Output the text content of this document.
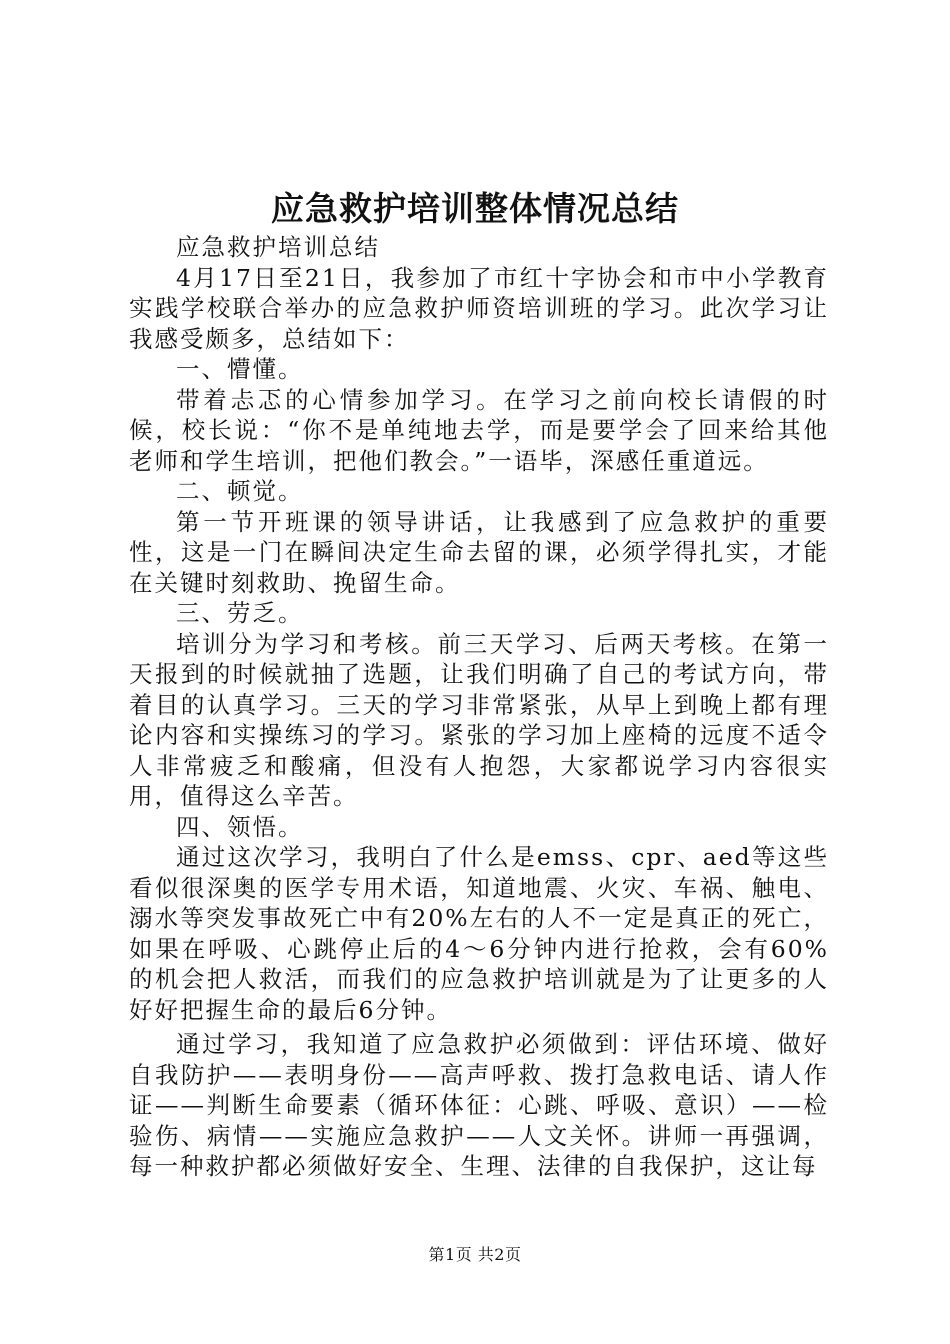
应急救护培训整体情况总结

应急救护培训总结

4月17日至21日，我参加了市红十字协会和市中小学教育实践学校联合举办的应急救护师资培训班的学习。此次学习让我感受颇多，总结如下：

一、懵懂。

带着忐忑的心情参加学习。在学习之前向校长请假的时候，校长说：“你不是单纯地去学，而是要学会了回来给其他老师和学生培训，把他们教会。”一语毕，深感任重道远。

二、顿觉。

第一节开班课的领导讲话，让我感到了应急救护的重要性，这是一门在瞬间决定生命去留的课，必须学得扎实，才能在关键时刻救助、挽留生命。

三、劳乏。

培训分为学习和考核。前三天学习、后两天考核。在第一天报到的时候就抽了选题，让我们明确了自己的考试方向，带着目的认真学习。三天的学习非常紧张，从早上到晚上都有理论内容和实操练习的学习。紧张的学习加上座椅的远度不适令人非常疲乏和酸痛，但没有人抱怨，大家都说学习内容很实用，值得这么辛苦。

四、领悟。

通过这次学习，我明白了什么是emss、cpr、aed等这些看似很深奥的医学专用术语，知道地震、火灾、车祸、触电、溺水等突发事故死亡中有20%左右的人不一定是真正的死亡，如果在呼吸、心跳停止后的4～6分钟内进行抢救，会有60%的机会把人救活，而我们的应急救护培训就是为了让更多的人好好把握生命的最后6分钟。

通过学习，我知道了应急救护必须做到：评估环境、做好自我防护——表明身份——高声呼救、拨打急救电话、请人作证——判断生命要素（循环体征：心跳、呼吸、意识）——检验伤、病情——实施应急救护——人文关怀。讲师一再强调，每一种救护都必须做好安全、生理、法律的自我保护，这让每

第1页 共2页
